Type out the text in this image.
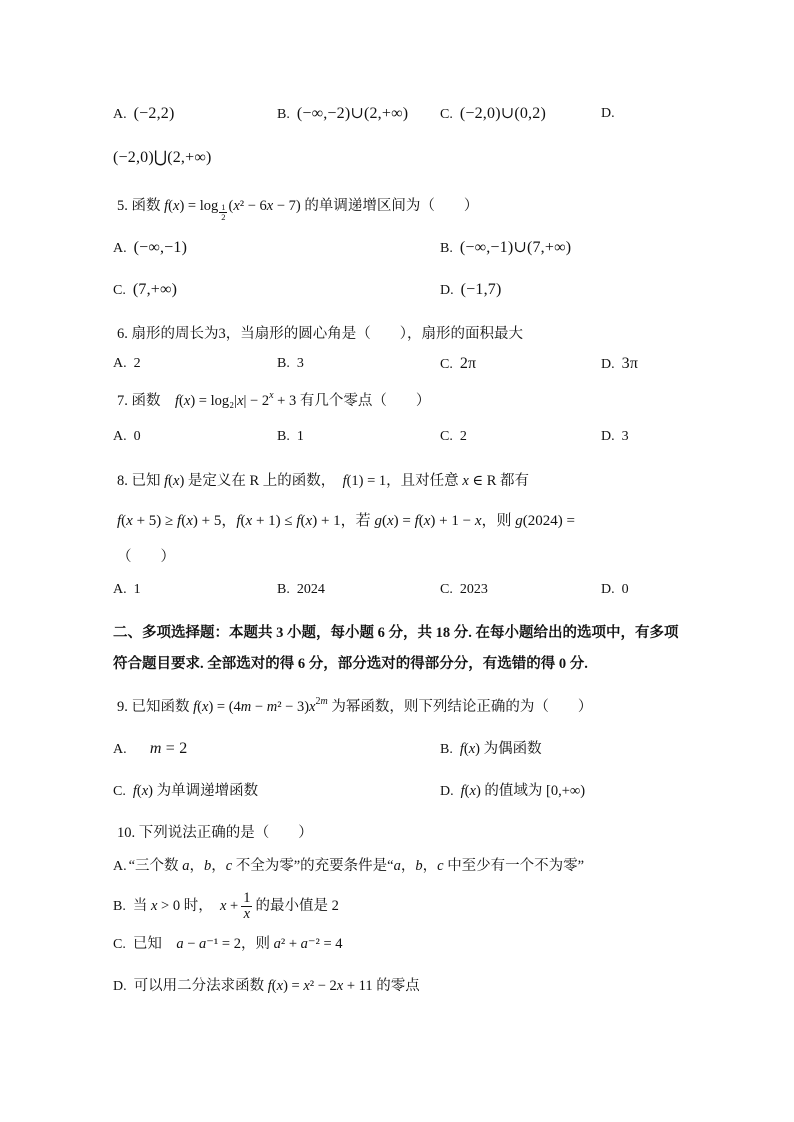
A. (−2,2)	B. (−∞,−2)∪(2,+∞) C. (−2,0)∪(0,2)	D.
(−2,0)⋃(2,+∞)
5. 函数 $f(x) = \log \frac{1}{2} (x^2 - 6x - 7)$ 的单调递增区间为（　　）
A. (−∞,−1)	B. (−∞,−1)∪(7,+∞)
C. (7,+∞)	D. (−1,7)
6. 扇形的周长为3，当扇形的圆心角是（　　），扇形的面积最大
A. 2	B. 3	C. 2π	D. 3π
7. 函数　$f(x) = \log_2|x| - 2^x + 3$ 有几个零点（　　）
A. 0	B. 1	C. 2	D. 3
8. 已知 f(x) 是定义在 R 上的函数，　f(1) = 1，且对任意 x ∈ R 都有
f(x + 5) ≥ f(x) + 5，f(x + 1) ≤ f(x) + 1，若 g(x) = f(x) + 1 − x，则 g(2024) =
（　　）
A. 1	B. 2024	C. 2023	D. 0
二、多项选择题：本题共 3 小题，每小题 6 分，共 18 分. 在每小题给出的选项中，有多项
符合题目要求. 全部选对的得 6 分，部分选对的得部分分，有选错的得 0 分.
9. 已知函数 $f(x) = (4m - m^2 - 3)x^{2m}$ 为幂函数，则下列结论正确的为（　　）
A.　 m = 2	B. f(x) 为偶函数
C. f(x) 为单调递增函数	D. f(x) 的值域为 [0,+∞)
10. 下列说法正确的是（　　）
A. “三个数 a，b，c 不全为零”的充要条件是“a，b，c 中至少有一个不为零”
B. 当 x > 0 时，　$x + \frac{1}{x}$ 的最小值是 2
C. 已知　a − a⁻¹ = 2，则 a² + a⁻² = 4
D. 可以用二分法求函数 f(x) = x² − 2x + 11 的零点
